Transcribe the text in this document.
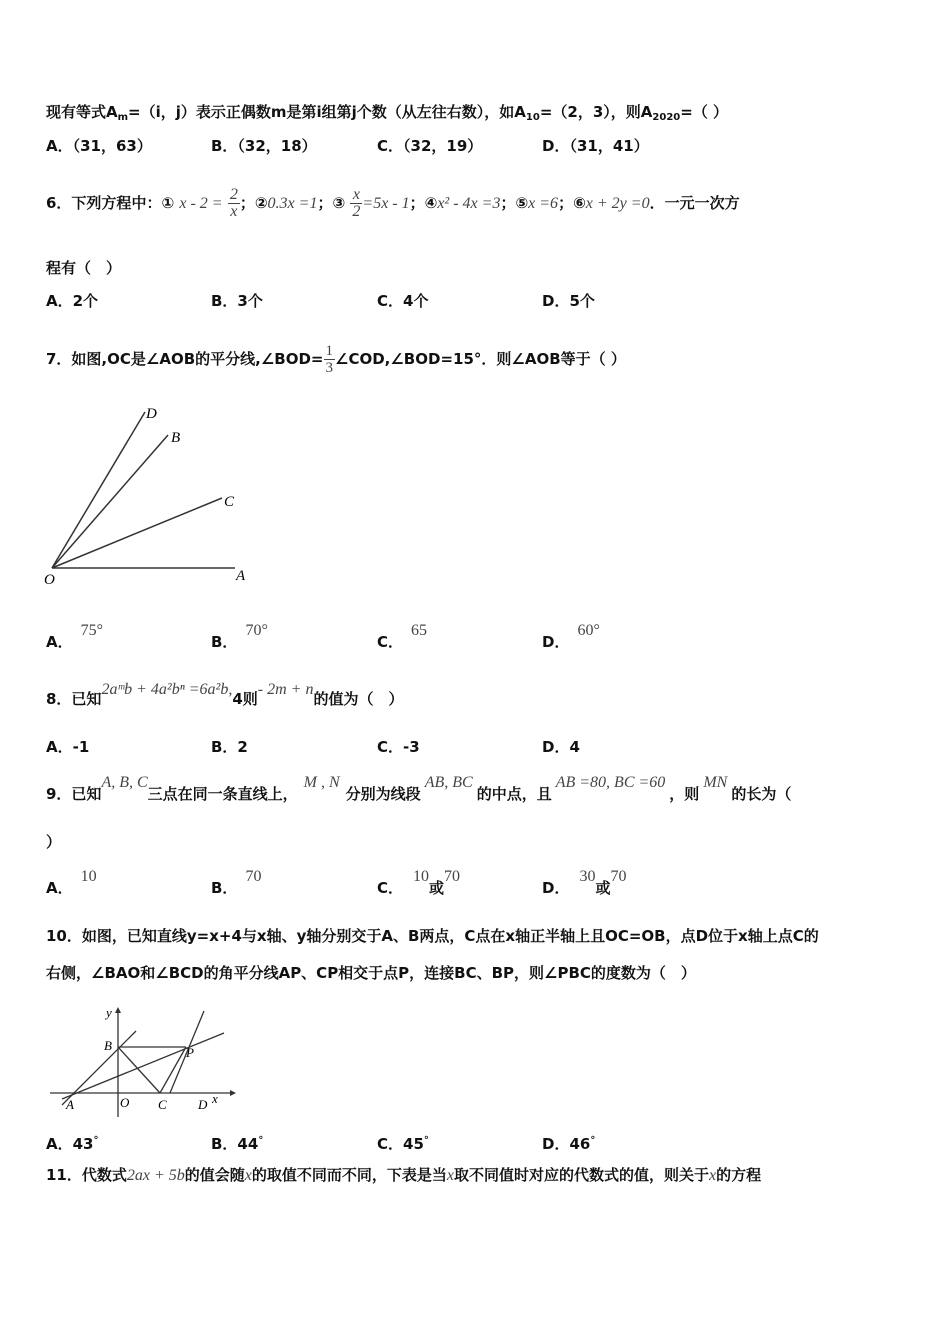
现有等式$A_m=(i$，j）表示正偶数m是第i组第j个数（从左往右数），如$A_{10}=(2$，3），则$A_{2020}=$（ ）
A．（31，63）	B．（32，18）	C．（32，19）	D．（31，41）
6．下列方程中：① $x - 2 = \frac{2}{x}$ ；②0.3x =1；③ $\frac{x}{2} =5x - 1$；④x² - 4x =3；⑤x =6；⑥x + 2y =0．一元一次方
程有（　）
A．2个	B．3个	C．4个	D．5个
7．如图,OC是∠AOB的平分线,∠BOD= $\frac{1}{3}$ ∠COD,∠BOD=15°．则∠AOB等于（ ）
D
B
C
O	A
A．75°
B．70°
C．65
D．60°
8．已知2aᵐb + 4a²bⁿ =6a²b,4则- 2m + n的值为（　）
A．-1	B．2	C．-3	D．4
9．已知A, B, C三点在同一条直线上，M , N分别为线段AB, BC的中点，且AB =80, BC =60，则MN的长为（
）
A．10
B．70
C．10或70
D．30或70
10．如图，已知直线y=x+4与x轴、y轴分别交于A、B两点，C点在x轴正半轴上且OC=OB，点D位于x轴上点C的
右侧，∠BAO和∠BCD的角平分线AP、CP相交于点P，连接BC、BP，则∠PBC的度数为（　）
y
B	P
A	O C D x
A．43°	B．44°	C．45°	D．46°
11．代数式2ax + 5b的值会随x的取值不同而不同，下表是当x取不同值时对应的代数式的值，则关于x的方程
